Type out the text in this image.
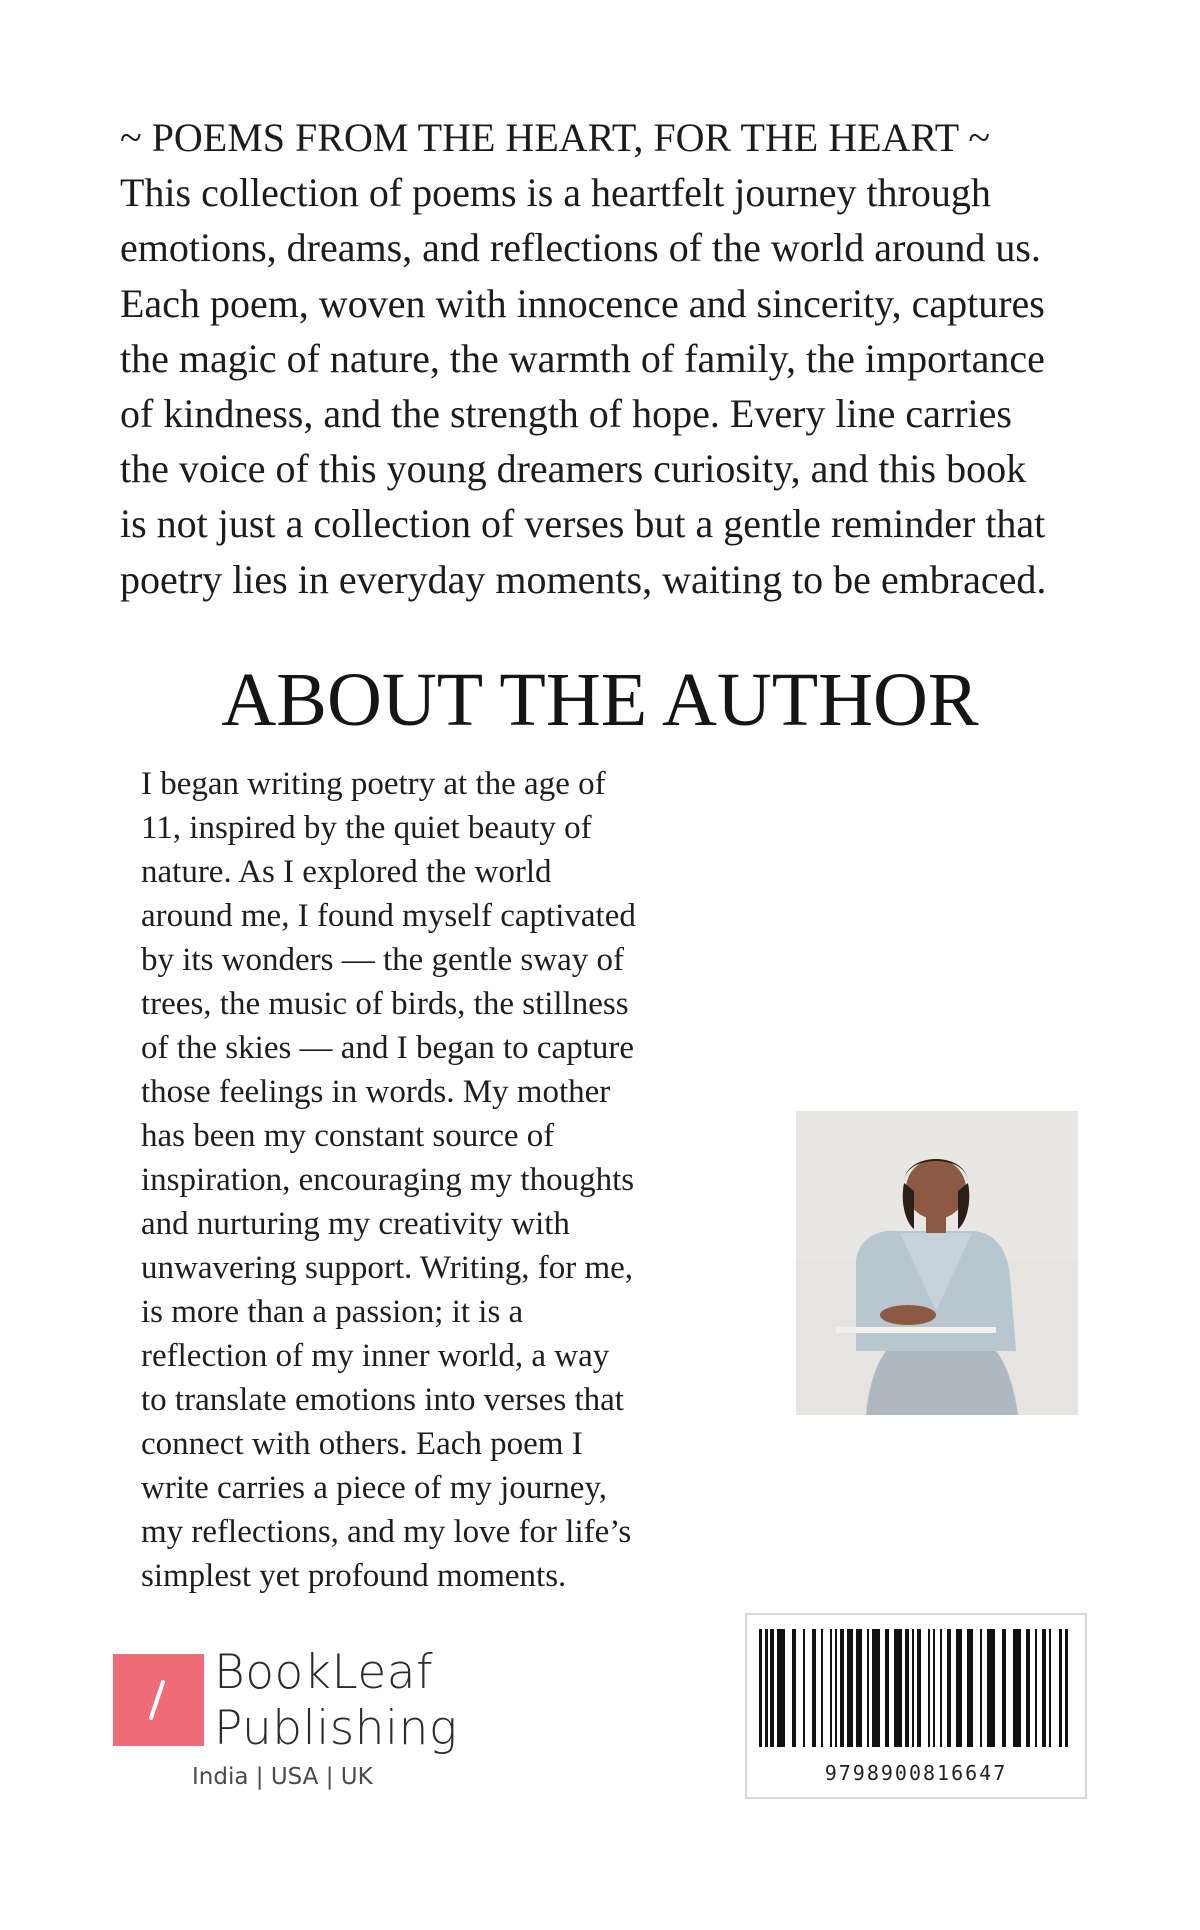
~ POEMS FROM THE HEART, FOR THE HEART ~
This collection of poems is a heartfelt journey through
emotions, dreams, and reflections of the world around us.
Each poem, woven with innocence and sincerity, captures
the magic of nature, the warmth of family, the importance
of kindness, and the strength of hope. Every line carries
the voice of this young dreamers curiosity, and this book
is not just a collection of verses but a gentle reminder that
poetry lies in everyday moments, waiting to be embraced.
ABOUT THE AUTHOR
I began writing poetry at the age of
11, inspired by the quiet beauty of
nature. As I explored the world
around me, I found myself captivated
by its wonders — the gentle sway of
trees, the music of birds, the stillness
of the skies — and I began to capture
those feelings in words. My mother
has been my constant source of
inspiration, encouraging my thoughts
and nurturing my creativity with
unwavering support. Writing, for me,
is more than a passion; it is a
reflection of my inner world, a way
to translate emotions into verses that
connect with others. Each poem I
write carries a piece of my journey,
my reflections, and my love for life’s
simplest yet profound moments.
BookLeaf
Publishing
India | USA | UK	9798900816647
